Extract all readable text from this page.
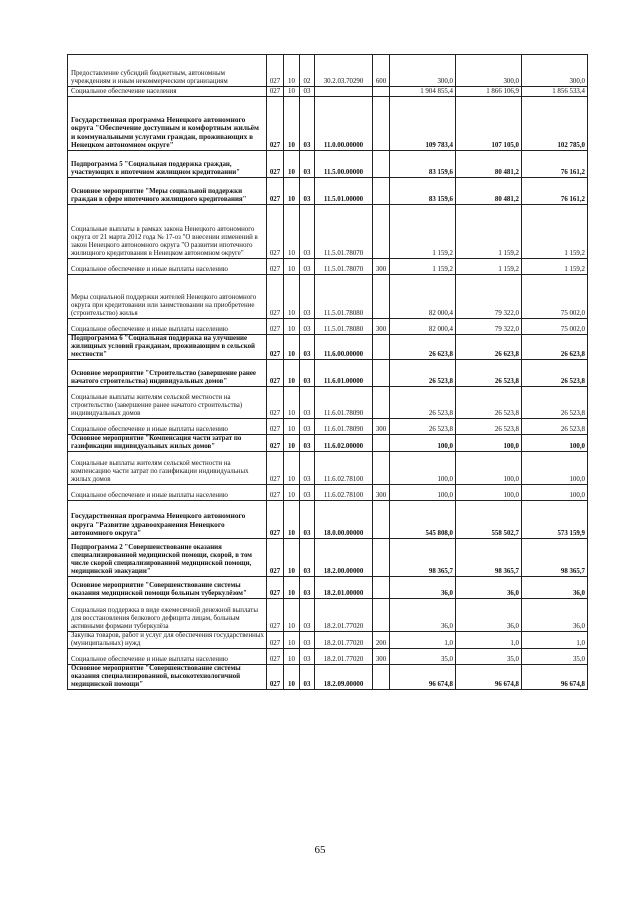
Предоставление субсидий бюджетным, автономным учреждениям и иным некоммерческим организациям	027	10	02	30.2.03.70290	600	300,0	300,0	300,0
Социальное обеспечение населения	027	10	03			1 904 855,4	1 866 106,9	1 856 533,4
Государственная программа Ненецкого автономного округа "Обеспечение доступным и комфортным жильём и коммунальными услугами граждан, проживающих в Ненецком автономном округе"	027	10	03	11.0.00.00000		109 783,4	107 105,0	102 785,0
Подпрограмма 5 "Социальная поддержка граждан, участвующих в ипотечном жилищном кредитовании"	027	10	03	11.5.00.00000		83 159,6	80 481,2	76 161,2
Основное мероприятие "Меры социальной поддержки граждан в сфере ипотечного жилищного кредитования"	027	10	03	11.5.01.00000		83 159,6	80 481,2	76 161,2
Социальные выплаты в рамках закона Ненецкого автономного округа от 21 марта 2012 года № 17-оз "О внесении изменений в закон Ненецкого автономного округа "О развитии ипотечного жилищного кредитования в Ненецком автономном округе"	027	10	03	11.5.01.78070		1 159,2	1 159,2	1 159,2
Социальное обеспечение и иные выплаты населению	027	10	03	11.5.01.78070	300	1 159,2	1 159,2	1 159,2
Меры социальной поддержки жителей Ненецкого автономного округа при кредитовании или заимствовании на приобретение (строительство) жилья	027	10	03	11.5.01.78080		82 000,4	79 322,0	75 002,0
Социальное обеспечение и иные выплаты населению	027	10	03	11.5.01.78080	300	82 000,4	79 322,0	75 002,0
Подпрограмма 6 "Социальная поддержка на улучшение жилищных условий гражданам, проживающим в сельской местности"	027	10	03	11.6.00.00000		26 623,8	26 623,8	26 623,8
Основное мероприятие "Строительство (завершение ранее начатого строительства) индивидуальных домов"	027	10	03	11.6.01.00000		26 523,8	26 523,8	26 523,8
Социальные выплаты жителям сельской местности на строительство (завершение ранее начатого строительства) индивидуальных домов	027	10	03	11.6.01.78090		26 523,8	26 523,8	26 523,8
Социальное обеспечение и иные выплаты населению	027	10	03	11.6.01.78090	300	26 523,8	26 523,8	26 523,8
Основное мероприятие "Компенсация части затрат по газификации индивидуальных жилых домов"	027	10	03	11.6.02.00000		100,0	100,0	100,0
Социальные выплаты жителям сельской местности на компенсацию части затрат по газификации индивидуальных жилых домов	027	10	03	11.6.02.78100		100,0	100,0	100,0
Социальное обеспечение и иные выплаты населению	027	10	03	11.6.02.78100	300	100,0	100,0	100,0
Государственная программа Ненецкого автономного округа "Развитие здравоохранения Ненецкого автономного округа"	027	10	03	18.0.00.00000		545 808,0	558 502,7	573 159,9
Подпрограмма 2 "Совершенствование оказания специализированной медицинской помощи, скорой, в том числе скорой специализированной медицинской помощи, медицинской эвакуации"	027	10	03	18.2.00.00000		98 365,7	98 365,7	98 365,7
Основное мероприятие "Совершенствование системы оказания медицинской помощи больным туберкулёзом"	027	10	03	18.2.01.00000		36,0	36,0	36,0
Социальная поддержка в виде ежемесячной денежной выплаты для восстановления белкового дефицита лицам, больным активными формами туберкулёза	027	10	03	18.2.01.77020		36,0	36,0	36,0
Закупка товаров, работ и услуг для обеспечения государственных (муниципальных) нужд	027	10	03	18.2.01.77020	200	1,0	1,0	1,0
Социальное обеспечение и иные выплаты населению	027	10	03	18.2.01.77020	300	35,0	35,0	35,0
Основное мероприятие "Совершенствование системы оказания специализированной, высокотехнологичной медицинской помощи"	027	10	03	18.2.09.00000		96 674,8	96 674,8	96 674,8
65
